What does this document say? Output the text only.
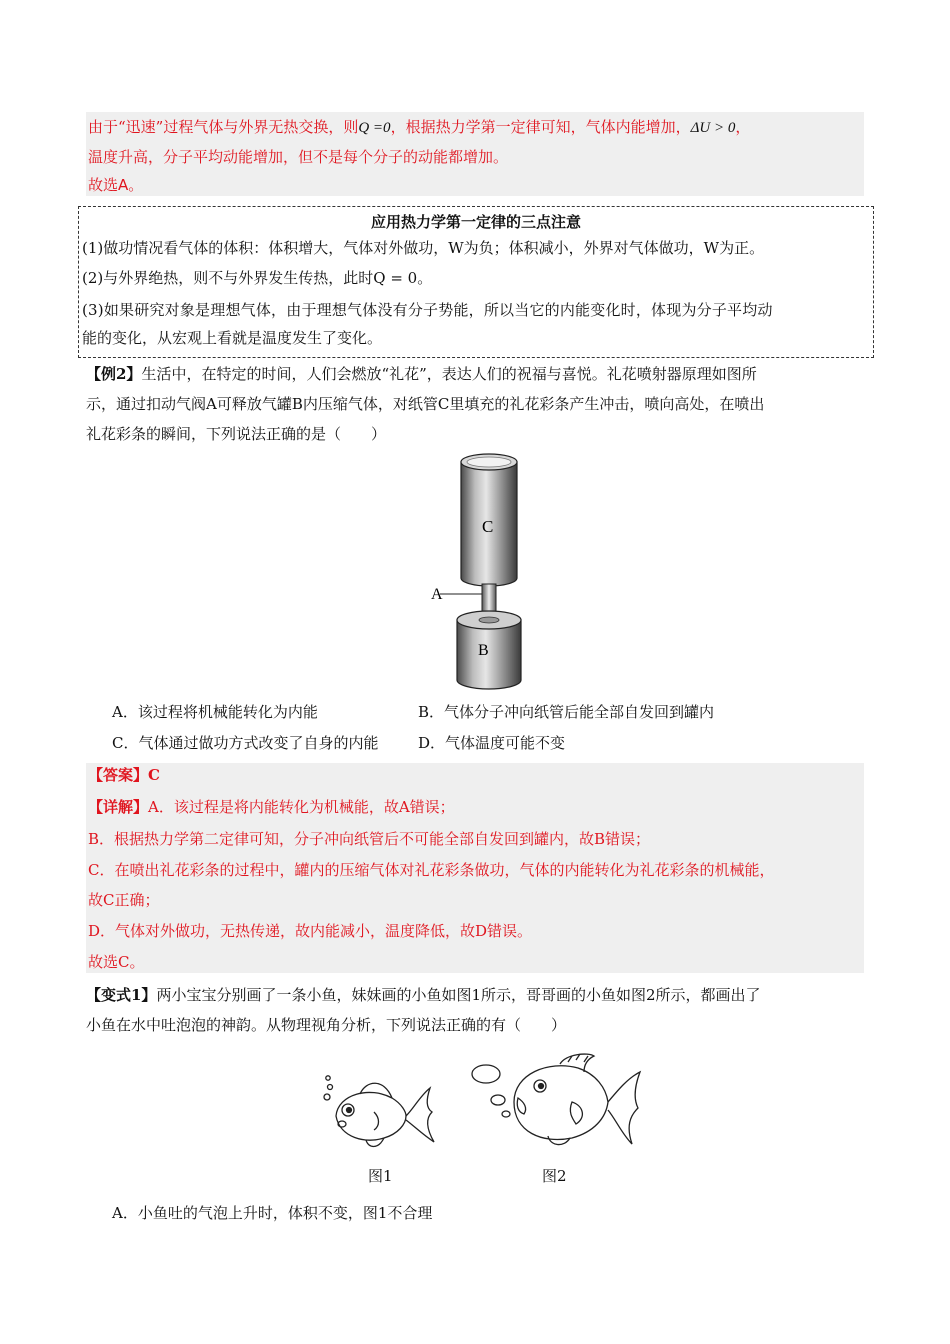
由于“迅速”过程气体与外界无热交换，则Q =0，根据热力学第一定律可知，气体内能增加，ΔU > 0，
温度升高，分子平均动能增加，但不是每个分子的动能都增加。
故选A。
应用热力学第一定律的三点注意
(1)做功情况看气体的体积：体积增大，气体对外做功，W为负；体积减小，外界对气体做功，W为正。
(2)与外界绝热，则不与外界发生传热，此时Q = 0。
(3)如果研究对象是理想气体，由于理想气体没有分子势能，所以当它的内能变化时，体现为分子平均动
能的变化，从宏观上看就是温度发生了变化。
【例2】生活中，在特定的时间，人们会燃放“礼花”，表达人们的祝福与喜悦。礼花喷射器原理如图所
示，通过扣动气阀A可释放气罐B内压缩气体，对纸管C里填充的礼花彩条产生冲击，喷向高处，在喷出
礼花彩条的瞬间，下列说法正确的是（　　）
C
A
B
A．该过程将机械能转化为内能	B．气体分子冲向纸管后能全部自发回到罐内
C．气体通过做功方式改变了自身的内能	D．气体温度可能不变
【答案】C
【详解】A．该过程是将内能转化为机械能，故A错误；
B．根据热力学第二定律可知，分子冲向纸管后不可能全部自发回到罐内，故B错误；
C．在喷出礼花彩条的过程中，罐内的压缩气体对礼花彩条做功，气体的内能转化为礼花彩条的机械能，
故C正确；
D．气体对外做功，无热传递，故内能减小，温度降低，故D错误。
故选C。
【变式1】两小宝宝分别画了一条小鱼，妹妹画的小鱼如图1所示，哥哥画的小鱼如图2所示，都画出了
小鱼在水中吐泡泡的神韵。从物理视角分析，下列说法正确的有（　　）
图1	图2
A．小鱼吐的气泡上升时，体积不变，图1不合理
